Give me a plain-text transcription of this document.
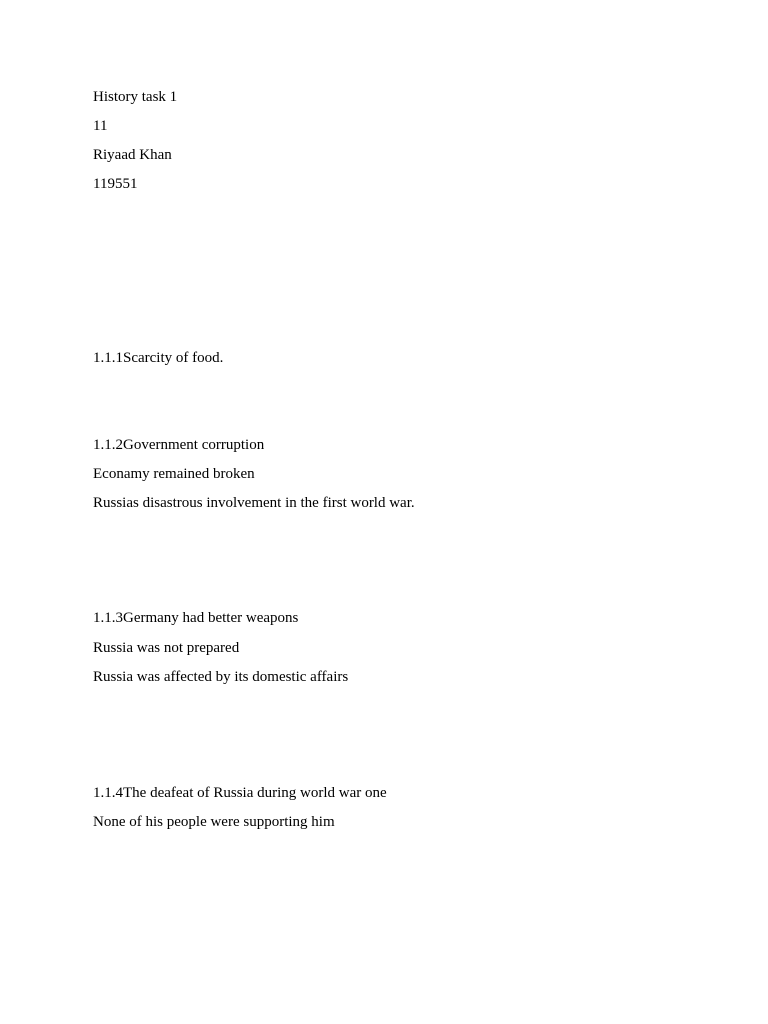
History task 1
11
Riyaad Khan
119551
1.1.1Scarcity of food.
1.1.2Government corruption
Econamy remained broken
Russias disastrous involvement in the first world war.
1.1.3Germany had better weapons
Russia was not prepared
Russia was affected by its domestic affairs
1.1.4The deafeat of Russia during world war one
None of his people were supporting him
